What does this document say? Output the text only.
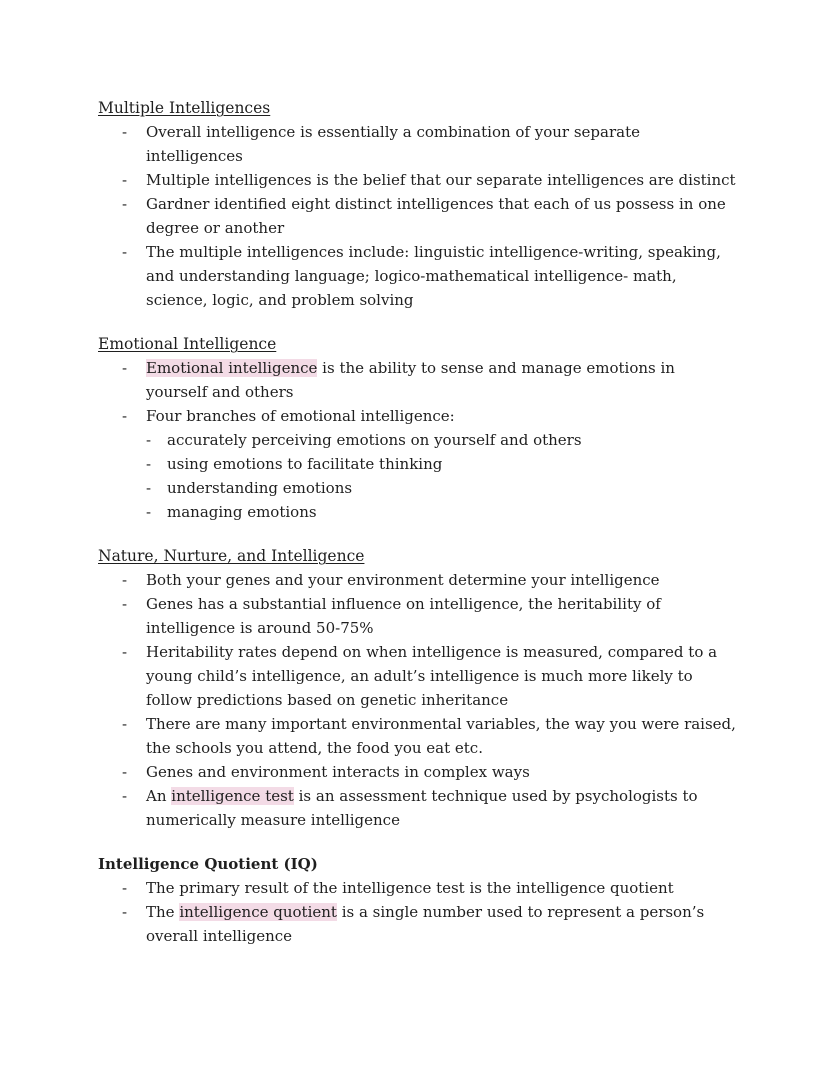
Multiple Intelligences
- Overall intelligence is essentially a combination of your separate intelligences
- Multiple intelligences is the belief that our separate intelligences are distinct
- Gardner identified eight distinct intelligences that each of us possess in one degree or another
- The multiple intelligences include: linguistic intelligence-writing, speaking, and understanding language; logico-mathematical intelligence- math, science, logic, and problem solving
Emotional Intelligence
- Emotional intelligence is the ability to sense and manage emotions in yourself and others
- Four branches of emotional intelligence:
- accurately perceiving emotions on yourself and others
- using emotions to facilitate thinking
- understanding emotions
- managing emotions
Nature, Nurture, and Intelligence
- Both your genes and your environment determine your intelligence
- Genes has a substantial influence on intelligence, the heritability of intelligence is around 50-75%
- Heritability rates depend on when intelligence is measured, compared to a young child’s intelligence, an adult’s intelligence is much more likely to follow predictions based on genetic inheritance
- There are many important environmental variables, the way you were raised, the schools you attend, the food you eat etc.
- Genes and environment interacts in complex ways
- An intelligence test is an assessment technique used by psychologists to numerically measure intelligence
Intelligence Quotient (IQ)
- The primary result of the intelligence test is the intelligence quotient
- The intelligence quotient is a single number used to represent a person’s overall intelligence
